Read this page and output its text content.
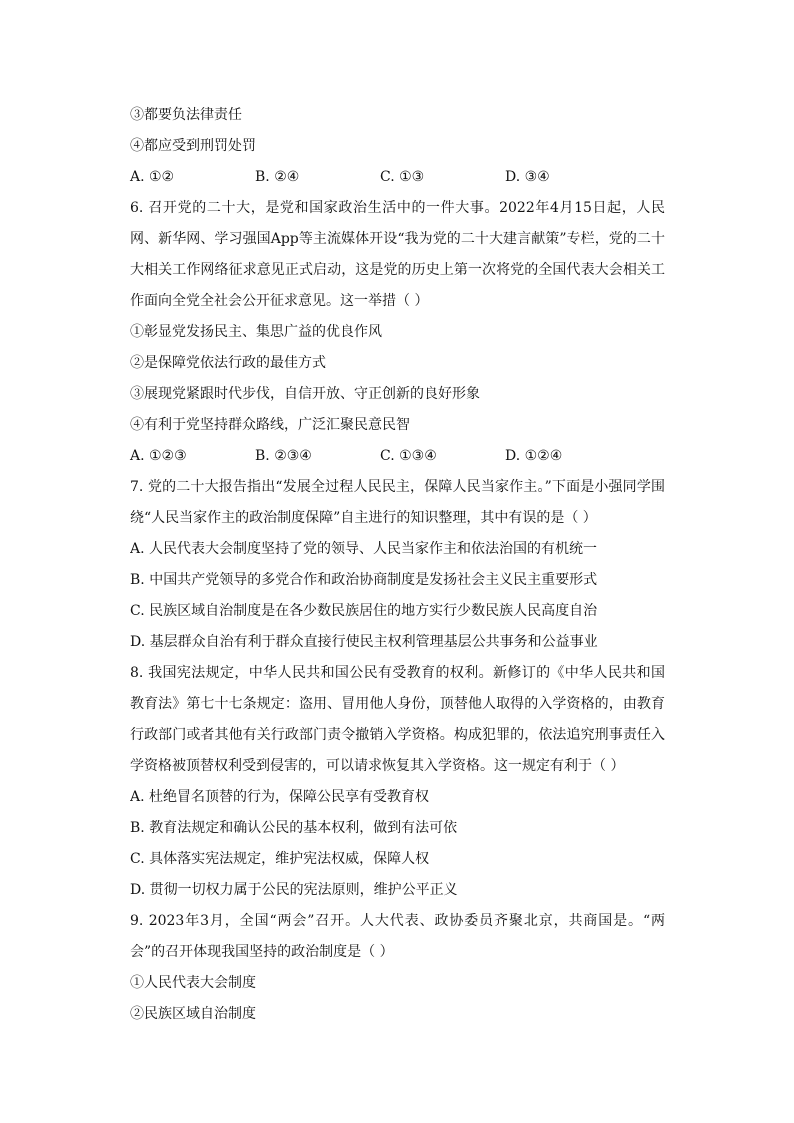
③都要负法律责任
④都应受到刑罚处罚
A. ①②	B. ②④	C. ①③	D. ③④
6. 召开党的二十大，是党和国家政治生活中的一件大事。2022年4月15日起，人民网、新华网、学习强国App等主流媒体开设“我为党的二十大建言献策”专栏，党的二十大相关工作网络征求意见正式启动，这是党的历史上第一次将党的全国代表大会相关工作面向全党全社会公开征求意见。这一举措（ ）
①彰显党发扬民主、集思广益的优良作风
②是保障党依法行政的最佳方式
③展现党紧跟时代步伐，自信开放、守正创新的良好形象
④有利于党坚持群众路线，广泛汇聚民意民智
A. ①②③	B. ②③④	C. ①③④	D. ①②④
7. 党的二十大报告指出“发展全过程人民民主，保障人民当家作主。”下面是小强同学围绕“人民当家作主的政治制度保障”自主进行的知识整理，其中有误的是（ ）
A. 人民代表大会制度坚持了党的领导、人民当家作主和依法治国的有机统一
B. 中国共产党领导的多党合作和政治协商制度是发扬社会主义民主重要形式
C. 民族区域自治制度是在各少数民族居住的地方实行少数民族人民高度自治
D. 基层群众自治有利于群众直接行使民主权利管理基层公共事务和公益事业
8. 我国宪法规定，中华人民共和国公民有受教育的权利。新修订的《中华人民共和国教育法》第七十七条规定：盗用、冒用他人身份，顶替他人取得的入学资格的，由教育行政部门或者其他有关行政部门责令撤销入学资格。构成犯罪的，依法追究刑事责任入学资格被顶替权利受到侵害的，可以请求恢复其入学资格。这一规定有利于（ ）
A. 杜绝冒名顶替的行为，保障公民享有受教育权
B. 教育法规定和确认公民的基本权利，做到有法可依
C. 具体落实宪法规定，维护宪法权威，保障人权
D. 贯彻一切权力属于公民的宪法原则，维护公平正义
9. 2023年3月，全国“两会”召开。人大代表、政协委员齐聚北京，共商国是。“两会”的召开体现我国坚持的政治制度是（ ）
①人民代表大会制度
②民族区域自治制度
